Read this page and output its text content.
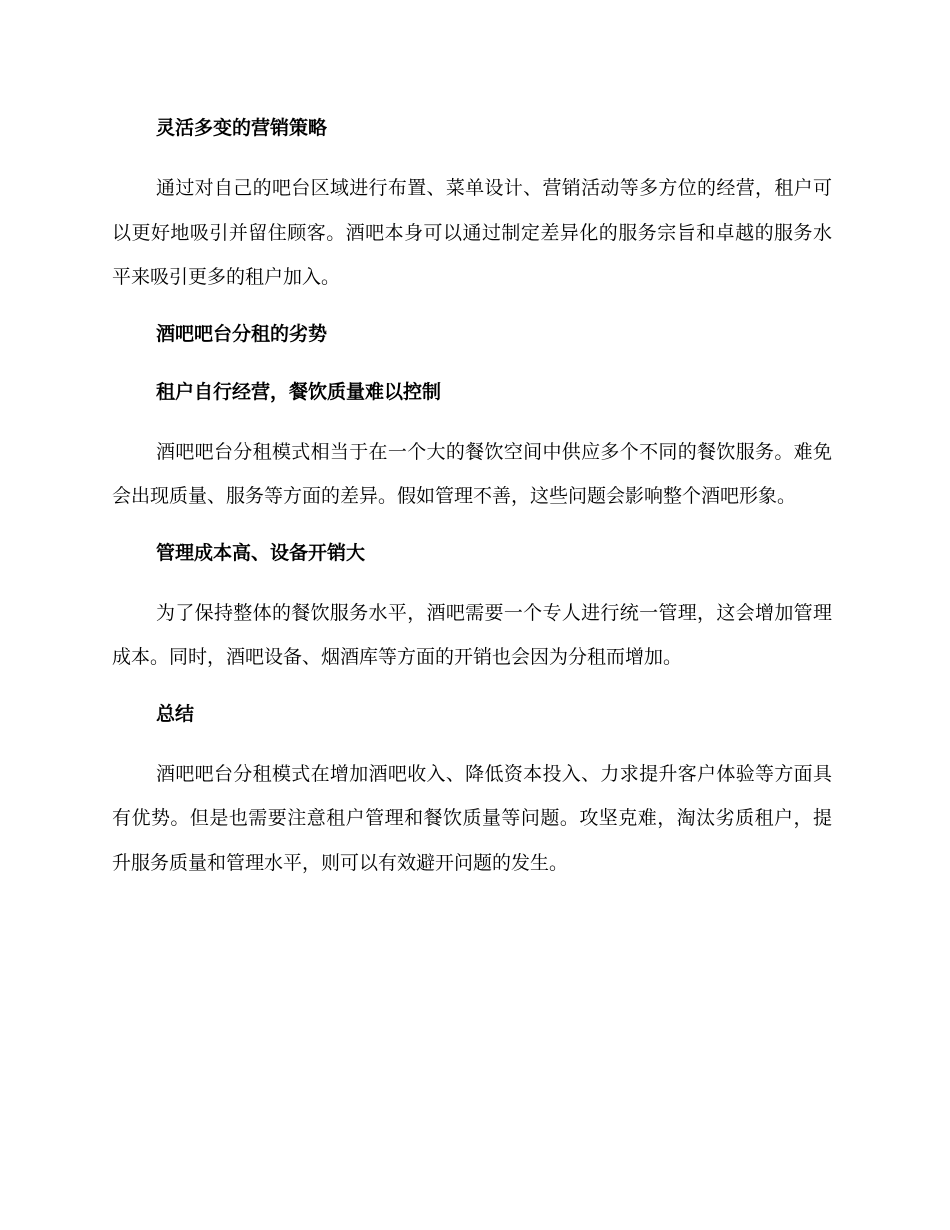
灵活多变的营销策略

通过对自己的吧台区域进行布置、菜单设计、营销活动等多方位的经营，租户可以更好地吸引并留住顾客。酒吧本身可以通过制定差异化的服务宗旨和卓越的服务水平来吸引更多的租户加入。

酒吧吧台分租的劣势
租户自行经营，餐饮质量难以控制

酒吧吧台分租模式相当于在一个大的餐饮空间中供应多个不同的餐饮服务。难免会出现质量、服务等方面的差异。假如管理不善，这些问题会影响整个酒吧形象。

管理成本高、设备开销大

为了保持整体的餐饮服务水平，酒吧需要一个专人进行统一管理，这会增加管理成本。同时，酒吧设备、烟酒库等方面的开销也会因为分租而增加。

总结

酒吧吧台分租模式在增加酒吧收入、降低资本投入、力求提升客户体验等方面具有优势。但是也需要注意租户管理和餐饮质量等问题。攻坚克难，淘汰劣质租户，提升服务质量和管理水平，则可以有效避开问题的发生。
